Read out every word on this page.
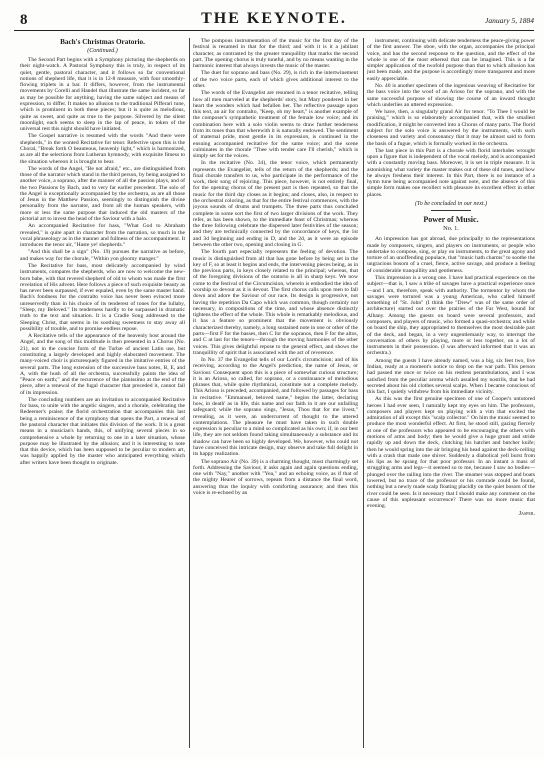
8	THE KEYNOTE.	January 5, 1884
Bach's Christmas Oratorio.
(Continued.)

The Second Part begins with a Symphony picturing the shepherds on their night-watch. A Pastoral Symphony this is truly, in respect of its quiet, gentle, pastoral character, and it follows so far conventional notions of shepherd life, that it is in 12-8 measure, with four smoothly-flowing triplets in a bar. It differs, however, from the instrumental movements by Corelli and Handel that illustrate the same incident, so far as may be possible for anything, having the same subject and means of expression, to differ. It makes no allusion to the traditional Pifferari tune, which is prominent in both these pieces; but it is quite as melodious, quite as sweet, and quite as true to the purpose. Silvered by the silent moonlight, each seems to sleep in the lap of peace, in token of the universal rest this night should have initiated.

The Gospel narrative is resumed with the words "And there were shepherds," in the wonted Recitative for tenor. Refective upon this is the Choral, "Break forth O beauteous, heavenly light," which is harmonized, as are all the selections from Lutheran hymnody, with exquisite fitness to the situation whereon it is brought to bear.

The words of the Angel, "Be not afraid," etc., are distinguished from those of the narrator which stand in the third person, by being assigned to another voice, a soprano, after the manner of all the passion plays, and of the two Passions by Bach, and to very far earlier precedent. The solo of the Angel is exceptionally accompanied by the orchestra, as are all those of Jesus in the Matthew Passion, seemingly to distinguish the divine personality from the narrator, and from all the human speakers, with more or less the same purpose that induced the old masters of the pictorial art to invest the head of the Saviour with a halo.

An accompanied Recitative for bass, "What God to Abraham revealed," is quite apart in character from the narration, so much in the vocal phraseology as in the manner and fullness of the accompaniment. It introduces the tenor air, "Haste ye! shepherds."

"And this shall be a sign" (No. 19) pursues the narrative as before, and makes way for the chorale, "Within yon gloomy manger."

The Recitative for bass, most delicately accompanied by wind instruments, compares the shepherds, who are now to welcome the new-born babe, with that revered shepherd of old to whom was made the first revelation of His advent. Here follows a piece of such exquisite beauty as has never been surpassed, if ever equaled, even by the same master hand. Bach's fondness for the contralto voice has never been evinced more unreservedly than in his choice of its tenderest of tones for the lullaby, "Sleep, my Beloved." Its tenderness hardly to be surpassed in dramatic truth to the text and situation. It is a Cradle Song addressed to the Sleeping Christ, that seems in its soothing sweetness to stay away all possibility of trouble, and to promise endless repose.

A Recitative tells of the appearance of the heavenly host around the Angel, and the song of this multitude is then presented in a Chorus (No. 21), not in the concise form of the Turbæ of ancient Latin use, but constituting a largely developed and highly elaborated movement. The many-voiced choir is picturesquely figured in the imitative entries of the several parts. The long extension of the successive bass notes, B, E, and A, with the hush of all the orchestra, successfully paints the idea of "Peace on earth;" and the recurrence of the pianissimo at the end of the piece, after a renewal of the fugal character that preceded it, cannot fail of its impression.

The concluding numbers are an invitation to accompanied Recitative for bass, to unite with the angelic singers, and a chorale, celebrating the Redeemer's praise; the florid orchestration that accompanies this last being a reminiscence of the symphony that opens the Part, a renewal of the pastoral character that initiates this division of the work. It is a great means in a musician's hands, this, of unifying several pieces in so comprehensive a whole by returning to one in a later situation, whose purpose may be illustrated by the allusion; and it is interesting to note that this device, which has been supposed to be peculiar to modern art, was happily applied by the master who anticipated everything which after writers have been thought to originate.

The pompous instrumentation of the music for the first day of the festival is resumed in that for the third; and with it is it a jubilant character, as contrasted by the greater tranquillity that marks the second part. The opening chorus is truly tuneful, and by no means wanting in the harmonic interest that always invests the music of the master.

The duet for soprano and bass (No. 29), is rich in the intertwinement of the two voice parts, each of which gives additional interest to the other.

The words of the Evangelist are resumed in a tenor recitative, telling how all men marveled at the shepherds' story, but Mary pondered in her heart the wonders which had befallen her. The reflective passage upon this text, an air for contralto, "Keep, oh my heart," is another example of the composer's sympathetic treatment of the female low voice; and its combination here with a solo violin seems to draw further tenderness from its tones than that wherewith it is naturally endowed. The sentiment of maternal pride, most gentle in its expression, is continued in the ensuing accompanied recitative for the same voice; and the scene culminates in the chorale "Thee with tender care I'll cherish," which is simply set for the voices.

In the recitative (No. 34), the tenor voice, which permanently represents the Evangelist, tells of the return of the shepherds; and the final chorale transfers to us, who participate in the performance of the work, their song of rejoicing. This piece, however, is not entirely final, for the opening chorus of the present part is then repeated, so that the music for the third day closes as it begins; and closes, also, in respect to the orchestral coloring, as that for the entire festival commences, with the joyous sounds of drums and trumpets. The three parts thus concluded complete in some sort the first of two larger divisions of the work. They refer, as has been shown, to the immediate feast of Christmas; whereas the three following celebrate the dispersed later festivities of the season; and they are technically connected by the concordance of keys, the 1st and 3d beginning and ending in D, and the 2d, as it were an episode between the other two, opening and closing in G.

The fourth part especially represents the feeling of devotion. The music is distinguished from all that has gone before by being set in the key of F, so at least it begins and ends, the intervening pieces being, as in the previous parts, in keys closely related to the principal; whereas, that of the foregoing divisions of the oratorio is all in sharp keys. We now come to the festival of the Circumcision, wherein is embodied the idea of worship so devout as it is devout. The first chorus calls upon men to fall down and adore the Saviour of our race. Its design is progressive, not having the repetition Da Capo which was common, though certainly not necessary, in compositions of the time, and whose absence distinctly tightens the effect of the whole. This whole is remarkably melodious, and it has a feature so prominent that the movement is obviously characterized thereby, namely, a long sustained note in one or other of the parts—first F for the basses, then C for the sopranos, then F for the altos, and C at last for the tenors—through the moving harmonies of the other voices. This gives delightful repose to the general effect, and shows the tranquillity of spirit that is associated with the act of reverence.

In No. 37 the Evangelist tells of our Lord's circumcision; and of his receiving, according to the Angel's prediction, the name of Jesus, or Saviour. Consequent upon this is a piece of somewhat curious structure; it is an Arioso, so called, for soprano, or a continuance of melodious phrases that, while quite rhythmical, constitute not a complete melody. This Arioso is preceded, accompanied, and followed by passages for bass in recitative. "Emmanuel, beloved name," begins the latter, declaring how, in death' as in life, this name and our faith in it are our unfailing safeguard; while the soprano sings, "Jesus, Thou that for me livest," revealing, as it were, an undercurrent of thought to the uttered contemplations. The pleasure he must have taken in such double expression is peculiar to a mind so complicated as his own; if, in our best life, they are not seldom found taking simultaneously a substance and its shadow can have been so highly developed. We, however, who could not have conceived this intricate design, may observe and take full delight in its happy realization.

The soprano Air (No. 39) is a charming thought, most charmingly set forth. Addressing the Saviour, it asks again and again questions ending, one with "Nay," another with "Yea," and an echoing voice, as if that of the mighty Hearer of sorrows, repeats from a distance the final word, answering thus the inquiry with comforting assurance; and then this voice is re-echoed by an

instrument, continuing with delicate tenderness the peace-giving power of the first answer. The oboe, with the organ, accompanies the principal voice, and has the second response to the question, and the effect of the whole is one of the most ethereal that can be imagined. This is a far simpler application of the twofold purpose than that to which allusion has just been made, and the purpose is accordingly more transparent and more easily appreciable.

No. 40 is another specimen of the ingenious weaving of Recitative for the bass voice into the woof of an Arioso for the soprano, and with the same successful purpose of showing the course of an inward thought which underlies an uttered expression.

We have, then, a singularly grand Air for tenor. "To Thee I would be praising," which is so elaborately accompanied that, with the smallest modification, it might be converted into a Chorus of many parts. The florid subject for the solo voice is answered by the instruments, with such closeness and variety and consonancy that it may be almost said to form the basis of a fugue, which is formally worked in the orchestra.

The last piece in this Part is a chorale with florid interludes wrought upon a figure that is independent of the vocal melody, and is accompanied with a constantly moving bass. Moreover, it is set in triple measure. It is astonishing what variety the master makes out of these old tunes, and how he always freshens their interest. In this Part, there is no instance of a hymn tune being accompanied note against note, and the absence of this simple form makes one recollect with pleasure its excellent effect in other places.

(To be concluded in our next.)
Power of Music.
No. 1.

An impression has got abroad, due principally to the representations made by composers, singers, and players on instruments, or people who undertake to compose, sing, or play on instruments, to the great agony and torture of an unoffending populace, that "music hath charms" to soothe the ungracious bosom of a cruel, fierce, active savage, and produce a feeling of considerable tranquillity and gentleness.

This impression is a wrong one. I have had practical experience on the subject—that is, I saw a tribe of savages have a practical experience once—and I am, therefore, speak with authority. The tormentor by whom the savages were tortured was a young American, who called himself something of "St. John" (I think the "Drew" was of the same order of architecture) started out over the prairies of the Far West, bound for Albany. Among the guests on board were several professors, and composers, and players of music, who formed a quasi-orchestra; and while on board the ship, they appropriated to themselves the most desirable part of the deck, and began, in a very ungentlemanly way, to interrupt the conversation of others by playing, more or less together, on a lot of instruments in their possession. (I was afterward informed that it was an orchestra.)

Among the guests I have already named, was a big, six feet two, live Indian, ready at a moment's notice to drop on the war path. This person had passed me once or twice on his restless perambulations, and I was satisfied from the peculiar aroma which assailed my nostrils, that he had secreted about his old clothes several scalps. When I became conscious of this fact, I quietly withdrew from his immediate vicinity.

As this was the first genuine specimen of one of Cooper's untutored heroes I had ever seen, I naturally kept my eyes on him. The professors, composers and players kept on playing with a vim that excited the admiration of all except this "scalp collector." On him the music seemed to produce the most wonderful effect. At first, he stood still, gazing fiercely at one of the professors who appeared to be encouraging the others with motions of arms and body; then he would give a huge grunt and stride rapidly up and down the deck, clutching his hatchet and butcher knife; then he would spring into the air bringing his head against the deck-ceiling with a crash that made one shiver. Suddenly a diabolical yell burst from his lips as he sprang for that poor professor. In an instant a mass of struggling arms and legs—it seemed so to me, because I saw no bodies—plunged over the railing into the river. The steamer was stopped and boats lowered, but no trace of the professor or his comrade could be found, nothing but a newly made scalp floating placidly on the quiet bosom of the river could be seen. Is it necessary that I should make any comment on the cause of this unpleasant occurrence? There was no more music that evening.

Jasper.
